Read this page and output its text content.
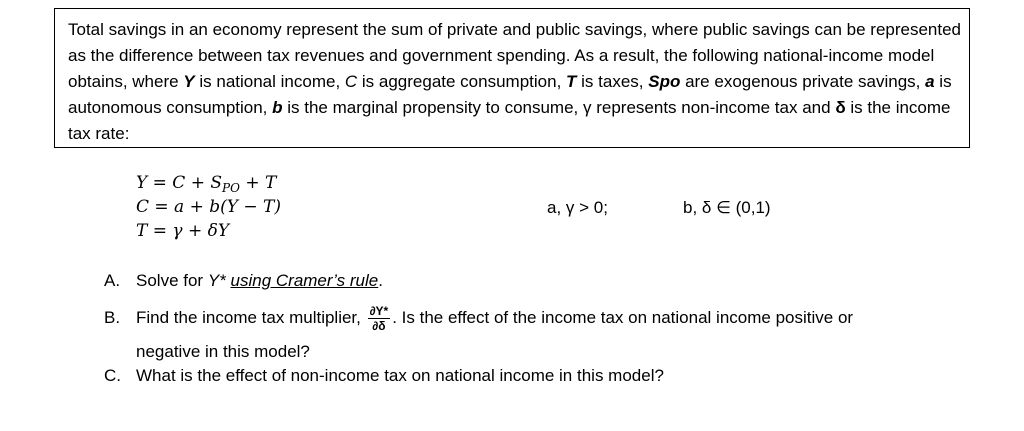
Total savings in an economy represent the sum of private and public savings, where public savings can be represented as the difference between tax revenues and government spending. As a result, the following national-income model obtains, where Y is national income, C is aggregate consumption, T is taxes, Spo are exogenous private savings, a is autonomous consumption, b is the marginal propensity to consume, γ represents non-income tax and δ is the income tax rate:

$Y = C + S_{PO} + T$
C = a + b(Y − T)
T = γ + δY
a, γ > 0;	b, δ ∈ (0,1)
A. Solve for Y* using Cramer’s rule.
B. Find the income tax multiplier, $\frac{\partial Y*}{\partial\delta}$ . Is the effect of the income tax on national income positive or
negative in this model?
C. What is the effect of non-income tax on national income in this model?
